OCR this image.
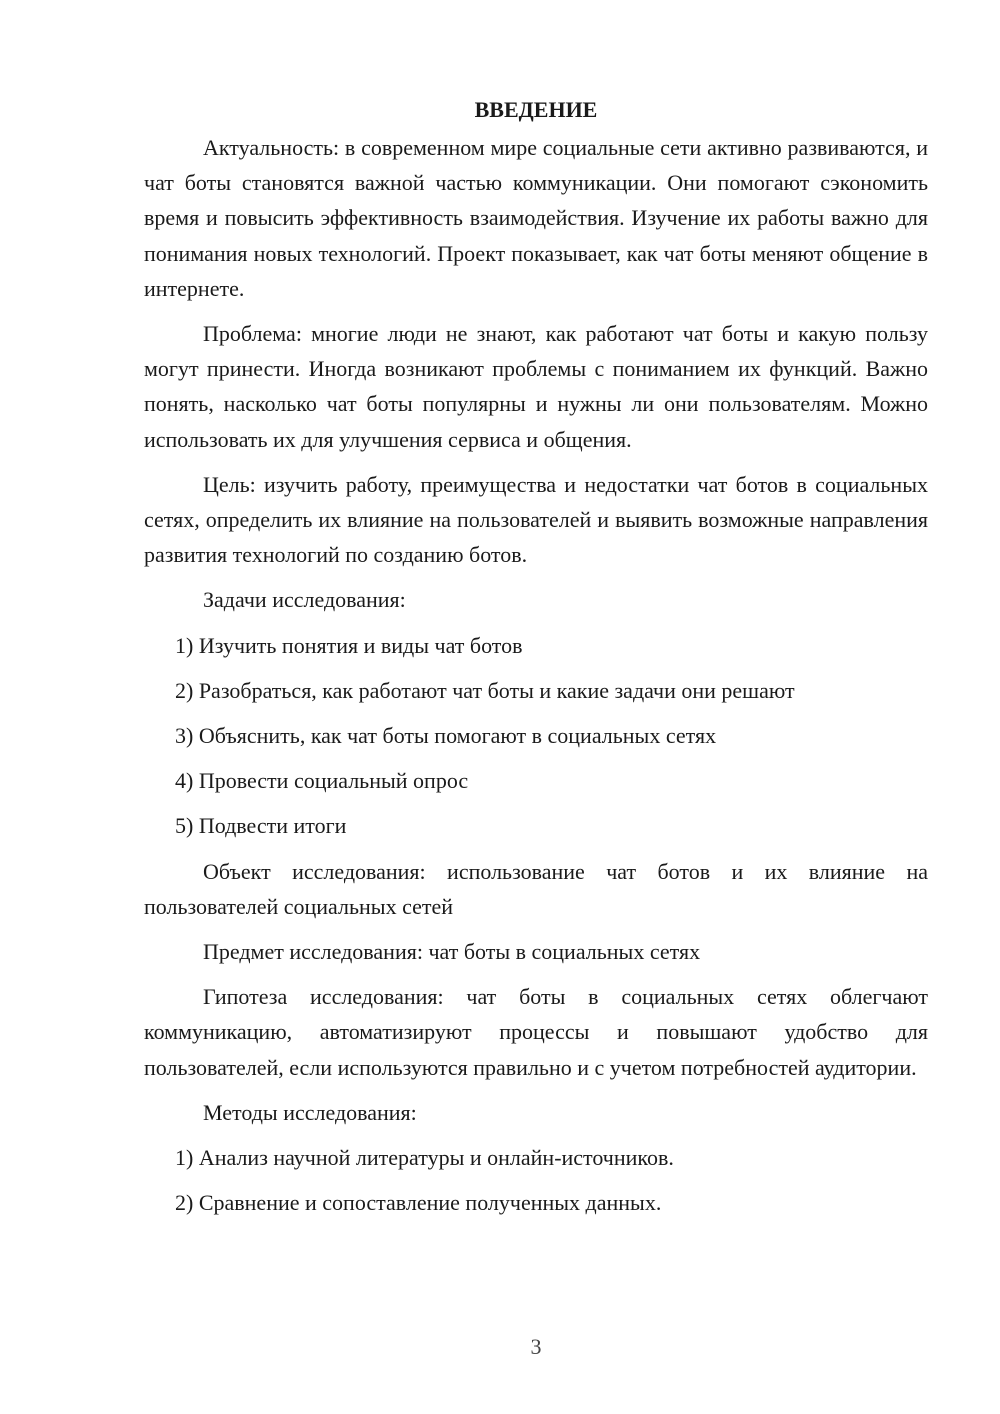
ВВЕДЕНИЕ

Актуальность: в современном мире социальные сети активно развиваются, и чат боты становятся важной частью коммуникации. Они помогают сэкономить время и повысить эффективность взаимодействия. Изучение их работы важно для понимания новых технологий. Проект показывает, как чат боты меняют общение в интернете.

Проблема: многие люди не знают, как работают чат боты и какую пользу могут принести. Иногда возникают проблемы с пониманием их функций. Важно понять, насколько чат боты популярны и нужны ли они пользователям. Можно использовать их для улучшения сервиса и общения.

Цель: изучить работу, преимущества и недостатки чат ботов в социальных сетях, определить их влияние на пользователей и выявить возможные направления развития технологий по созданию ботов.

Задачи исследования:

1) Изучить понятия и виды чат ботов
2) Разобраться, как работают чат боты и какие задачи они решают
3) Объяснить, как чат боты помогают в социальных сетях
4) Провести социальный опрос
5) Подвести итоги

Объект исследования: использование чат ботов и их влияние на пользователей социальных сетей

Предмет исследования: чат боты в социальных сетях

Гипотеза исследования: чат боты в социальных сетях облегчают коммуникацию, автоматизируют процессы и повышают удобство для пользователей, если используются правильно и с учетом потребностей аудитории.

Методы исследования:

1) Анализ научной литературы и онлайн-источников.
2) Сравнение и сопоставление полученных данных.
3
